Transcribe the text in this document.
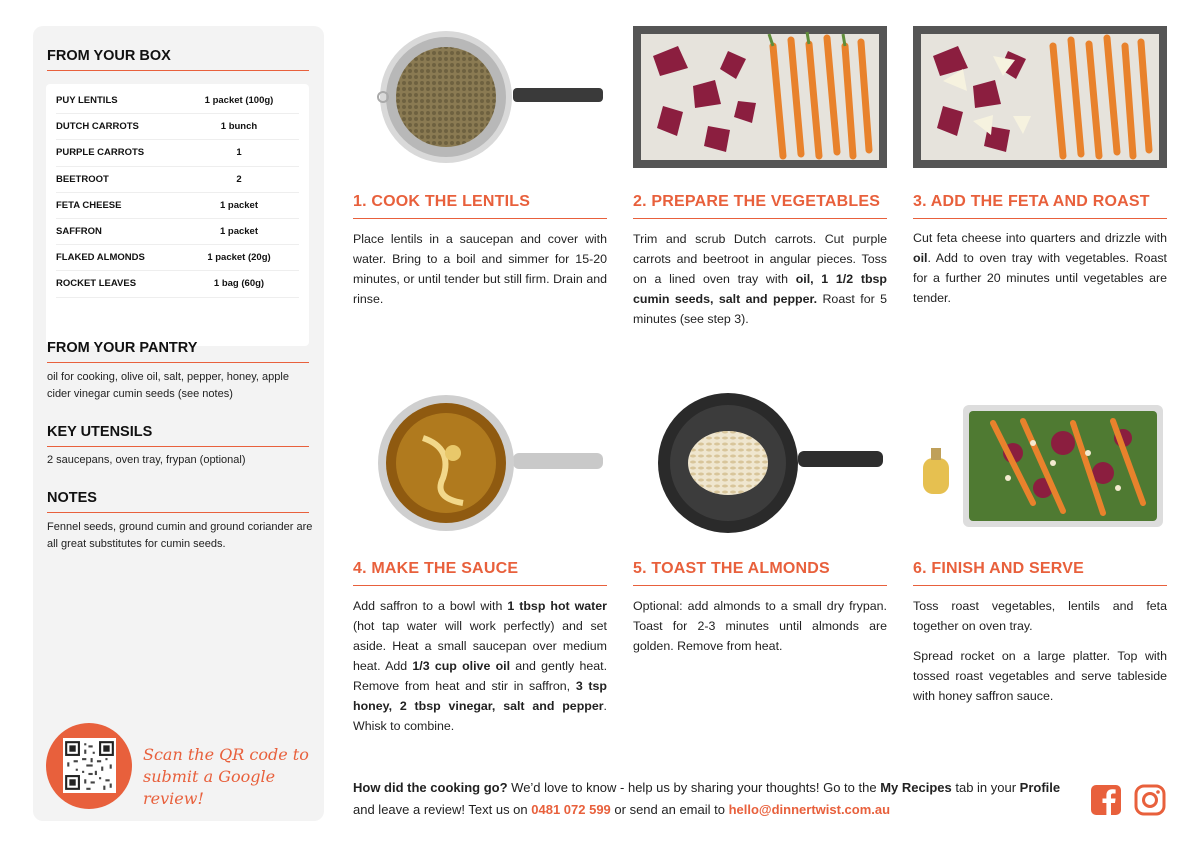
FROM YOUR BOX
PUY LENTILS	1 packet (100g)
DUTCH CARROTS	1 bunch
PURPLE CARROTS	1
BEETROOT	2
FETA CHEESE	1 packet
SAFFRON	1 packet
FLAKED ALMONDS	1 packet (20g)
ROCKET LEAVES	1 bag (60g)
FROM YOUR PANTRY
oil for cooking, olive oil, salt, pepper, honey, apple cider vinegar cumin seeds (see notes)
KEY UTENSILS
2 saucepans, oven tray, frypan (optional)
NOTES
Fennel seeds, ground cumin and ground coriander are all great substitutes for cumin seeds.
Scan the QR code to
submit a Google review!
1. COOK THE LENTILS

Place lentils in a saucepan and cover with water. Bring to a boil and simmer for 15-20 minutes, or until tender but still firm. Drain and rinse.

2. PREPARE THE VEGETABLES

Trim and scrub Dutch carrots. Cut purple carrots and beetroot in angular pieces. Toss on a lined oven tray with oil, 1 1/2 tbsp cumin seeds, salt and pepper. Roast for 5 minutes (see step 3).

3. ADD THE FETA AND ROAST

Cut feta cheese into quarters and drizzle with oil. Add to oven tray with vegetables. Roast for a further 20 minutes until vegetables are tender.

4. MAKE THE SAUCE

Add saffron to a bowl with 1 tbsp hot water (hot tap water will work perfectly) and set aside. Heat a small saucepan over medium heat. Add 1/3 cup olive oil and gently heat. Remove from heat and stir in saffron, 3 tsp honey, 2 tbsp vinegar, salt and pepper. Whisk to combine.

5. TOAST THE ALMONDS

Optional: add almonds to a small dry frypan. Toast for 2-3 minutes until almonds are golden. Remove from heat.

6. FINISH AND SERVE

Toss roast vegetables, lentils and feta together on oven tray.

Spread rocket on a large platter. Top with tossed roast vegetables and serve tableside with honey saffron sauce.

How did the cooking go? We’d love to know - help us by sharing your thoughts! Go to the My Recipes tab in your Profile and leave a review! Text us on 0481 072 599 or send an email to hello@dinnertwist.com.au
